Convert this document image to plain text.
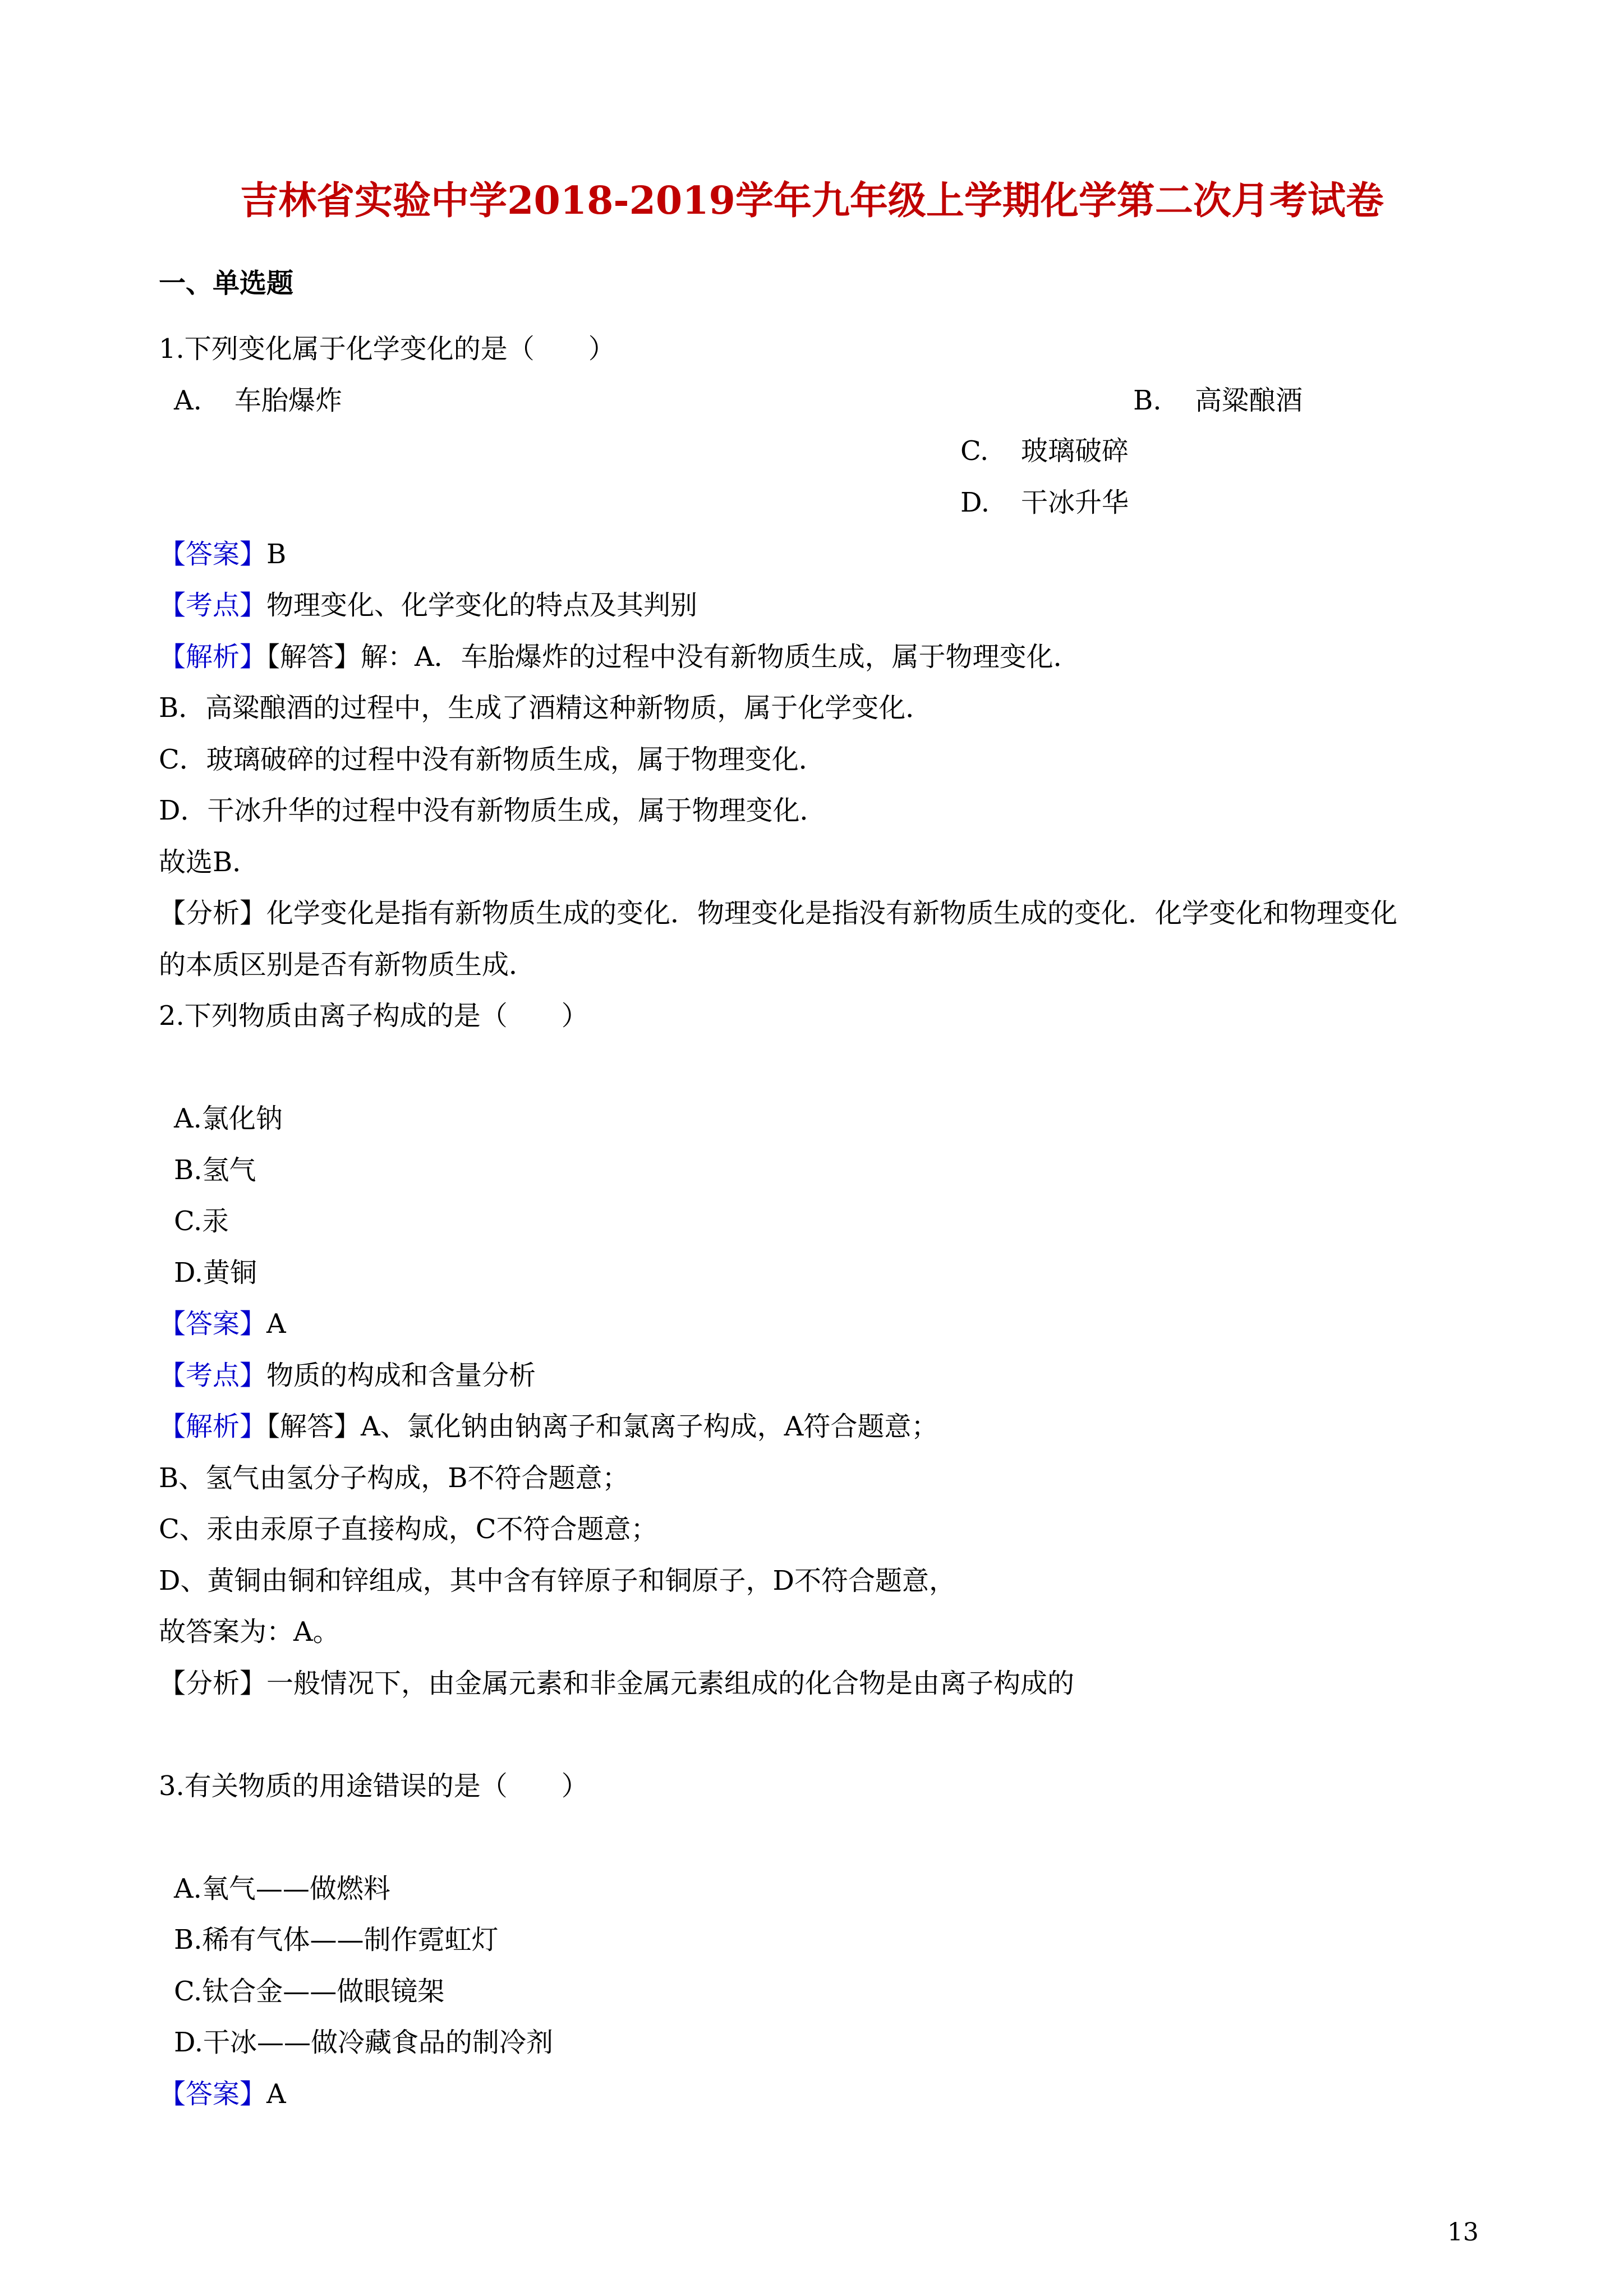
吉林省实验中学2018-2019学年九年级上学期化学第二次月考试卷
一、单选题
1.下列变化属于化学变化的是（　　）
A. 车胎爆炸	B. 高粱酿酒
C. 玻璃破碎
D. 干冰升华
【答案】B
【考点】物理变化、化学变化的特点及其判别
【解析】【解答】解：A．车胎爆炸的过程中没有新物质生成，属于物理变化．
B．高粱酿酒的过程中，生成了酒精这种新物质，属于化学变化．
C．玻璃破碎的过程中没有新物质生成，属于物理变化．
D．干冰升华的过程中没有新物质生成，属于物理变化．
故选B．
【分析】化学变化是指有新物质生成的变化．物理变化是指没有新物质生成的变化．化学变化和物理变化
的本质区别是否有新物质生成．
2.下列物质由离子构成的是（　　）
A.氯化钠
B.氢气
C.汞
D.黄铜
【答案】A
【考点】物质的构成和含量分析
【解析】【解答】A、氯化钠由钠离子和氯离子构成，A符合题意；
B、氢气由氢分子构成，B不符合题意；
C、汞由汞原子直接构成，C不符合题意；
D、黄铜由铜和锌组成，其中含有锌原子和铜原子，D不符合题意，
故答案为：A。
【分析】一般情况下，由金属元素和非金属元素组成的化合物是由离子构成的
3.有关物质的用途错误的是（　　）
A.氧气——做燃料
B.稀有气体——制作霓虹灯
C.钛合金——做眼镜架
D.干冰——做冷藏食品的制冷剂
【答案】A
13
